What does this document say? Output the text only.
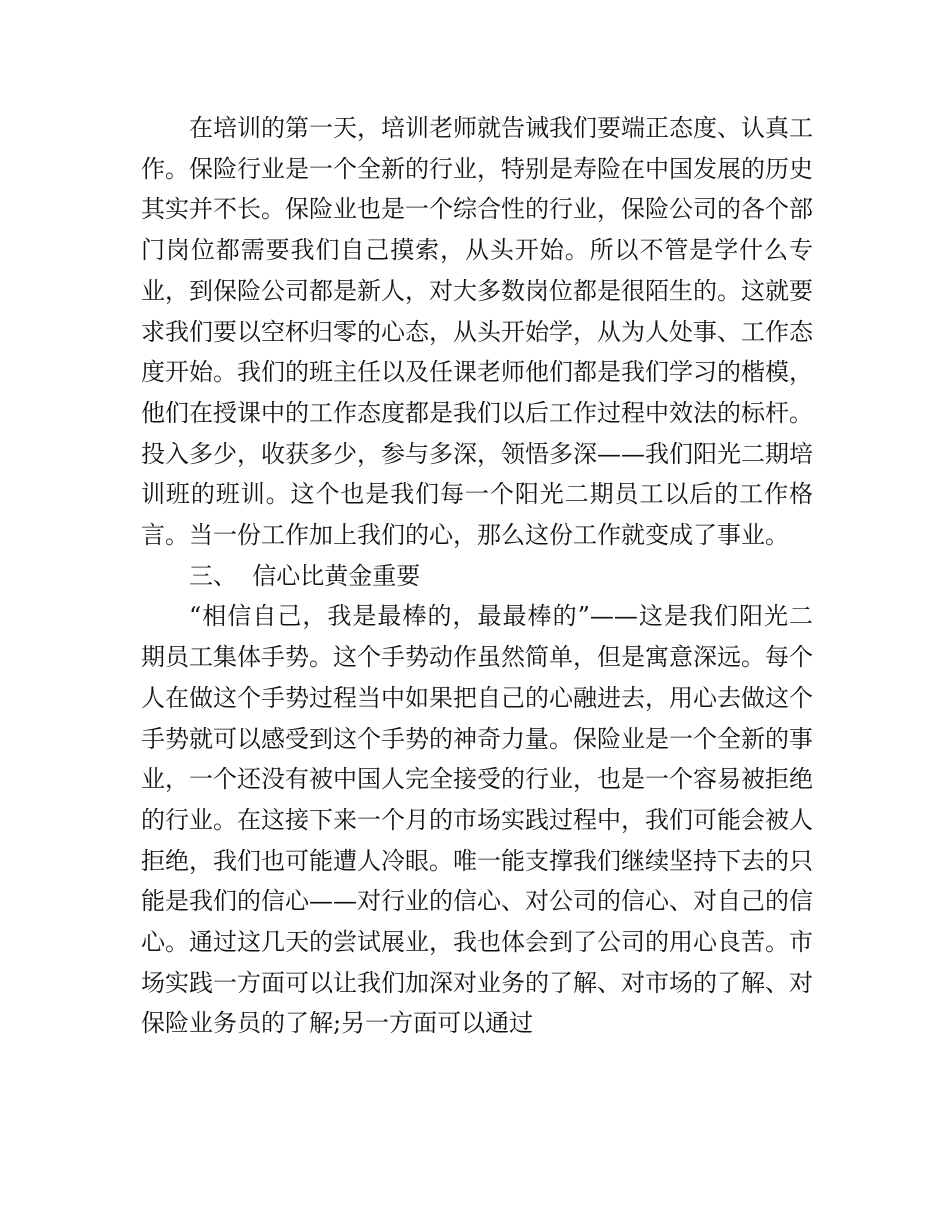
在培训的第一天，培训老师就告诫我们要端正态度、认真工作。保险行业是一个全新的行业，特别是寿险在中国发展的历史其实并不长。保险业也是一个综合性的行业，保险公司的各个部门岗位都需要我们自己摸索，从头开始。所以不管是学什么专业，到保险公司都是新人，对大多数岗位都是很陌生的。这就要求我们要以空杯归零的心态，从头开始学，从为人处事、工作态度开始。我们的班主任以及任课老师他们都是我们学习的楷模，他们在授课中的工作态度都是我们以后工作过程中效法的标杆。投入多少，收获多少，参与多深，领悟多深——我们阳光二期培训班的班训。这个也是我们每一个阳光二期员工以后的工作格言。当一份工作加上我们的心，那么这份工作就变成了事业。

三、  信心比黄金重要

“相信自己，我是最棒的，最最棒的”——这是我们阳光二期员工集体手势。这个手势动作虽然简单，但是寓意深远。每个人在做这个手势过程当中如果把自己的心融进去，用心去做这个手势就可以感受到这个手势的神奇力量。保险业是一个全新的事业，一个还没有被中国人完全接受的行业，也是一个容易被拒绝的行业。在这接下来一个月的市场实践过程中，我们可能会被人拒绝，我们也可能遭人冷眼。唯一能支撑我们继续坚持下去的只能是我们的信心——对行业的信心、对公司的信心、对自己的信心。通过这几天的尝试展业，我也体会到了公司的用心良苦。市场实践一方面可以让我们加深对业务的了解、对市场的了解、对保险业务员的了解;另一方面可以通过
